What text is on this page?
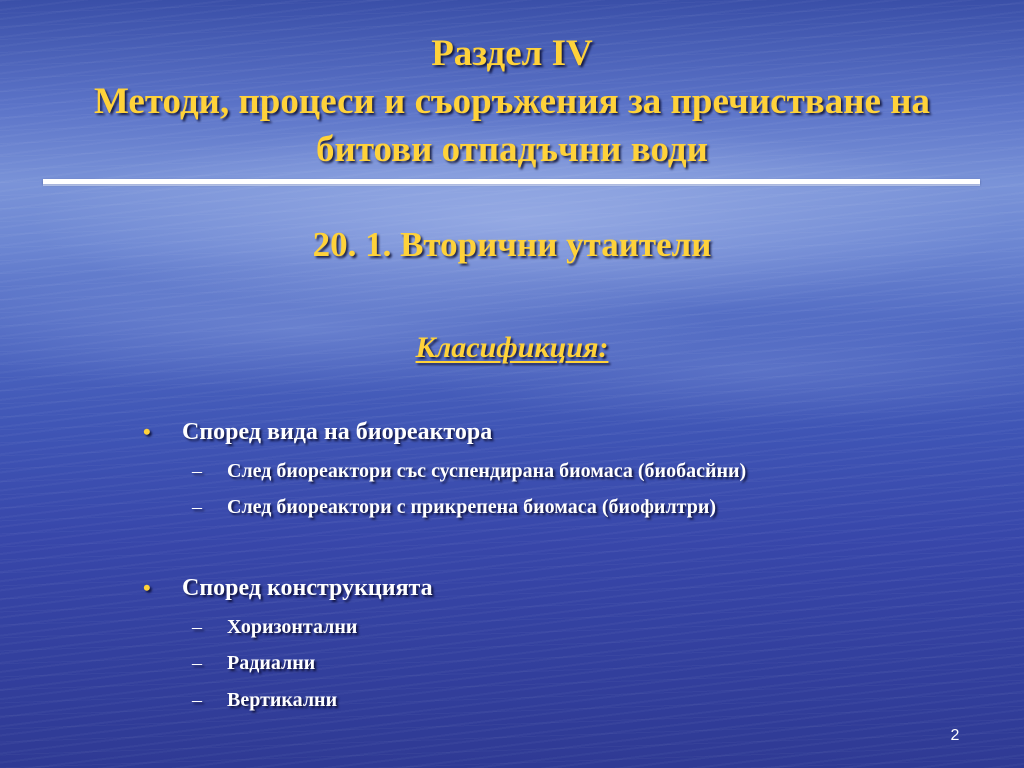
Раздел IV
Методи, процеси и съоръжения за пречистване на
битови отпадъчни води
20. 1. Вторични утаители
Класификция:
• Според вида на биореактора
– След биореактори със суспендирана биомаса (биобасйни)
– След биореактори с прикрепена биомаса (биофилтри)
• Според конструкцията
– Хоризонтални
– Радиални
– Вертикални
2
